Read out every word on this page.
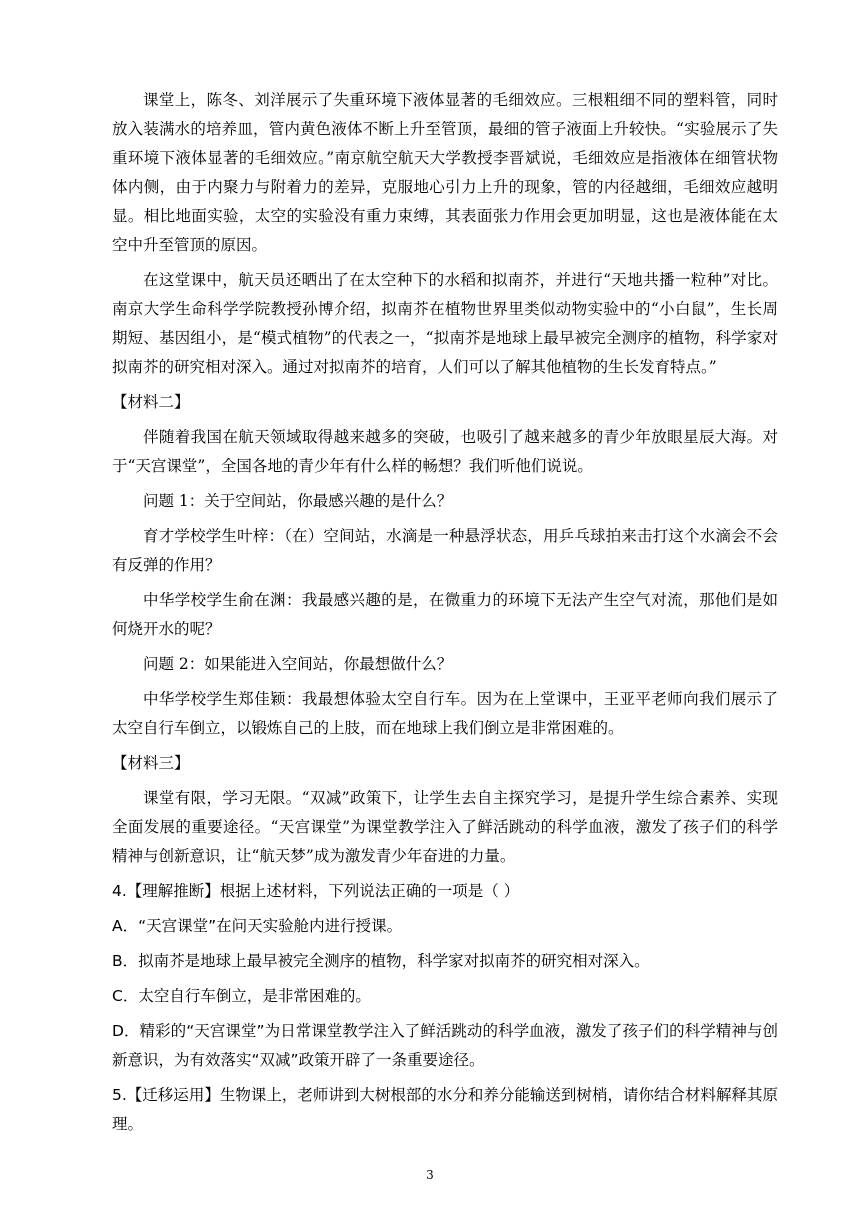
课堂上，陈冬、刘洋展示了失重环境下液体显著的毛细效应。三根粗细不同的塑料管，同时放入装满水的培养皿，管内黄色液体不断上升至管顶，最细的管子液面上升较快。“实验展示了失重环境下液体显著的毛细效应。”南京航空航天大学教授李晋斌说，毛细效应是指液体在细管状物体内侧，由于内聚力与附着力的差异，克服地心引力上升的现象，管的内径越细，毛细效应越明显。相比地面实验，太空的实验没有重力束缚，其表面张力作用会更加明显，这也是液体能在太空中升至管顶的原因。

在这堂课中，航天员还晒出了在太空种下的水稻和拟南芥，并进行“天地共播一粒种”对比。南京大学生命科学学院教授孙博介绍，拟南芥在植物世界里类似动物实验中的“小白鼠”，生长周期短、基因组小，是“模式植物”的代表之一，“拟南芥是地球上最早被完全测序的植物，科学家对拟南芥的研究相对深入。通过对拟南芥的培育，人们可以了解其他植物的生长发育特点。”

【材料二】

伴随着我国在航天领域取得越来越多的突破，也吸引了越来越多的青少年放眼星辰大海。对于“天宫课堂”，全国各地的青少年有什么样的畅想？我们听他们说说。

问题 1：关于空间站，你最感兴趣的是什么？

育才学校学生叶梓：（在）空间站，水滴是一种悬浮状态，用乒乓球拍来击打这个水滴会不会有反弹的作用？

中华学校学生俞在渊：我最感兴趣的是，在微重力的环境下无法产生空气对流，那他们是如何烧开水的呢？

问题 2：如果能进入空间站，你最想做什么？

中华学校学生郑佳颖：我最想体验太空自行车。因为在上堂课中，王亚平老师向我们展示了太空自行车倒立，以锻炼自己的上肢，而在地球上我们倒立是非常困难的。

【材料三】

课堂有限，学习无限。“双减”政策下，让学生去自主探究学习，是提升学生综合素养、实现全面发展的重要途径。“天宫课堂”为课堂教学注入了鲜活跳动的科学血液，激发了孩子们的科学精神与创新意识，让“航天梦”成为激发青少年奋进的力量。

4.【理解推断】根据上述材料，下列说法正确的一项是（ ）

A．“天宫课堂”在问天实验舱内进行授课。

B．拟南芥是地球上最早被完全测序的植物，科学家对拟南芥的研究相对深入。

C．太空自行车倒立，是非常困难的。

D．精彩的“天宫课堂”为日常课堂教学注入了鲜活跳动的科学血液，激发了孩子们的科学精神与创新意识，为有效落实“双减”政策开辟了一条重要途径。

5.【迁移运用】生物课上，老师讲到大树根部的水分和养分能输送到树梢，请你结合材料解释其原理。

3
